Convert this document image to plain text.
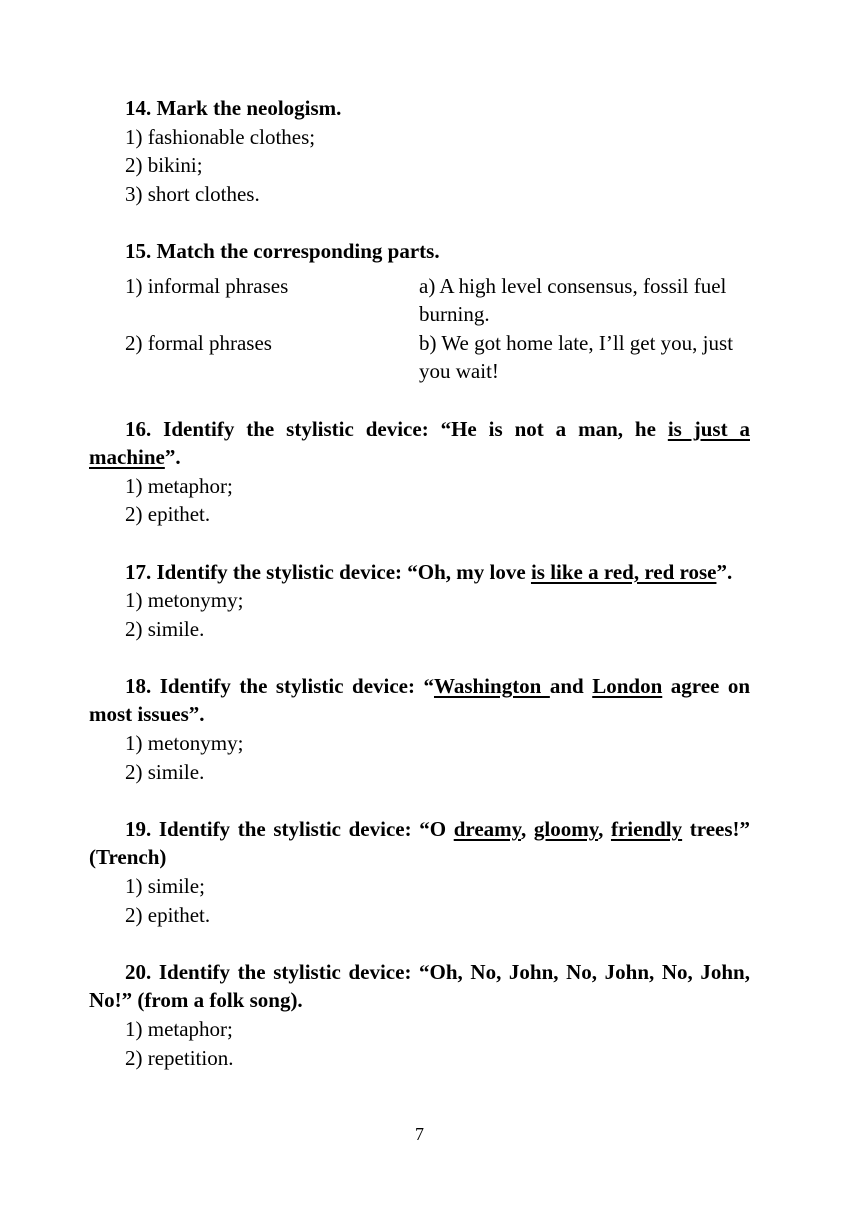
14. Mark the neologism.
1) fashionable clothes;
2) bikini;
3) short clothes.
15. Match the corresponding parts.
1) informal phrases	a) A high level consensus, fossil fuel burning.
2) formal phrases	b) We got home late, I’ll get you, just you wait!
16. Identify the stylistic device: “He is not a man, he is just a machine”.
1) metaphor;
2) epithet.
17. Identify the stylistic device: “Oh, my love is like a red, red rose”.
1) metonymy;
2) simile.
18. Identify the stylistic device: “Washington and London agree on most issues”.
1) metonymy;
2) simile.
19. Identify the stylistic device: “O dreamy, gloomy, friendly trees!” (Trench)
1) simile;
2) epithet.
20. Identify the stylistic device: “Oh, No, John, No, John, No, John, No!” (from a folk song).
1) metaphor;
2) repetition.
7
